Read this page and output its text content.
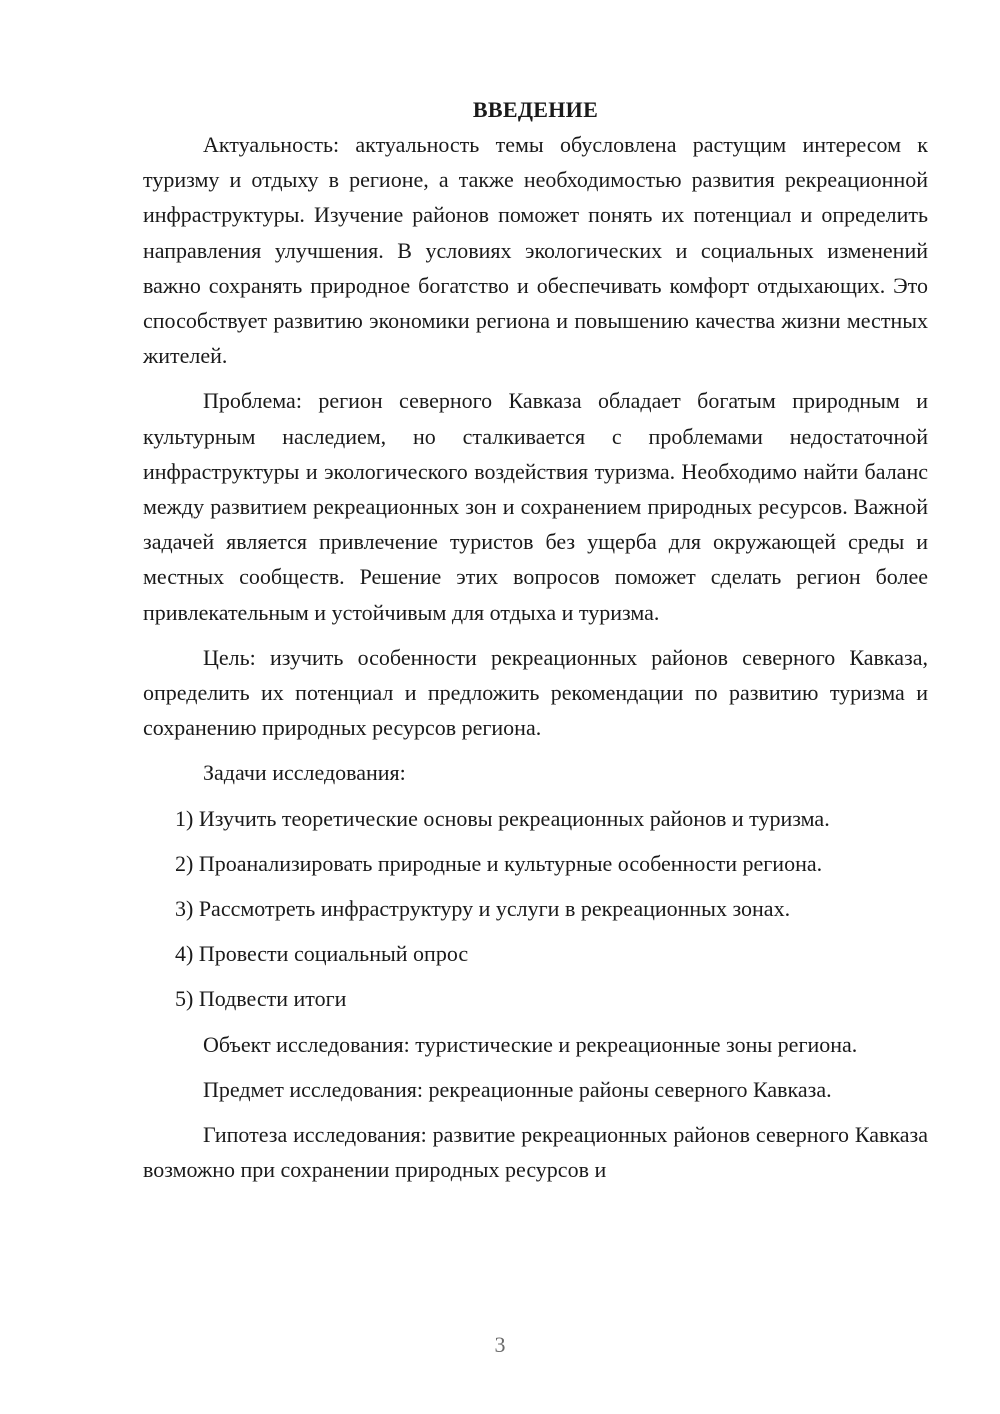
ВВЕДЕНИЕ

Актуальность: актуальность темы обусловлена растущим интересом к туризму и отдыху в регионе, а также необходимостью развития рекреационной инфраструктуры. Изучение районов поможет понять их потенциал и определить направления улучшения. В условиях экологических и социальных изменений важно сохранять природное богатство и обеспечивать комфорт отдыхающих. Это способствует развитию экономики региона и повышению качества жизни местных жителей.

Проблема: регион северного Кавказа обладает богатым природным и культурным наследием, но сталкивается с проблемами недостаточной инфраструктуры и экологического воздействия туризма. Необходимо найти баланс между развитием рекреационных зон и сохранением природных ресурсов. Важной задачей является привлечение туристов без ущерба для окружающей среды и местных сообществ. Решение этих вопросов поможет сделать регион более привлекательным и устойчивым для отдыха и туризма.

Цель: изучить особенности рекреационных районов северного Кавказа, определить их потенциал и предложить рекомендации по развитию туризма и сохранению природных ресурсов региона.

Задачи исследования:

1) Изучить теоретические основы рекреационных районов и туризма.
2) Проанализировать природные и культурные особенности региона.
3) Рассмотреть инфраструктуру и услуги в рекреационных зонах.
4) Провести социальный опрос
5) Подвести итоги

Объект исследования: туристические и рекреационные зоны региона.

Предмет исследования: рекреационные районы северного Кавказа.

Гипотеза исследования: развитие рекреационных районов северного Кавказа возможно при сохранении природных ресурсов и

3
